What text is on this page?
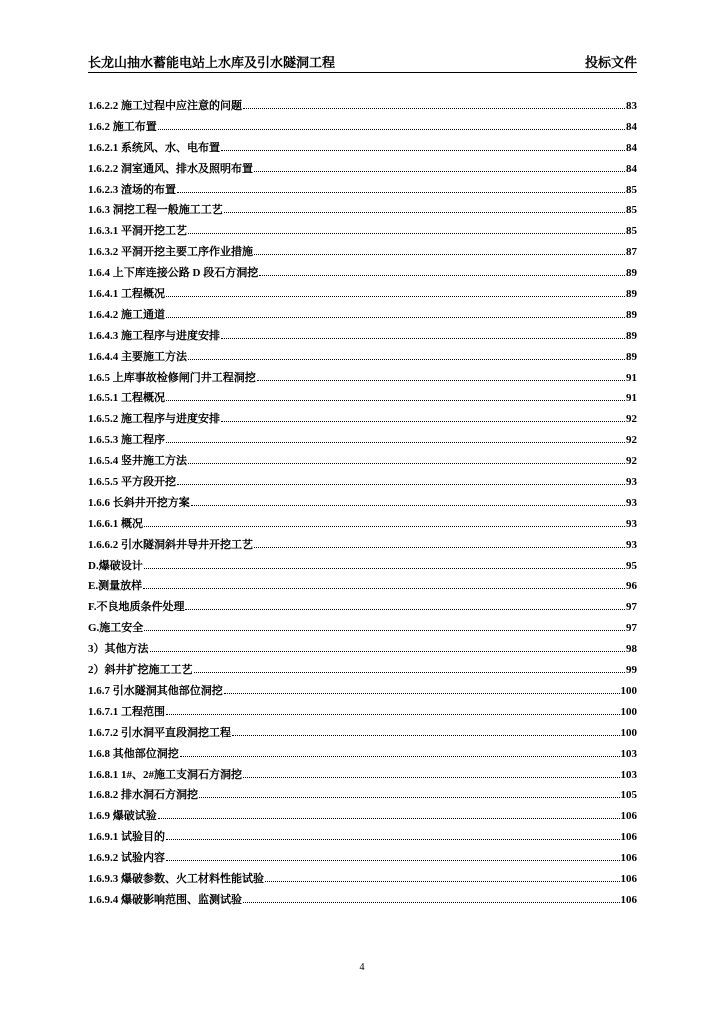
长龙山抽水蓄能电站上水库及引水隧洞工程	投标文件
1.6.2.2 施工过程中应注意的问题	83
1.6.2 施工布置	84
1.6.2.1 系统风、水、电布置	84
1.6.2.2 洞室通风、排水及照明布置	84
1.6.2.3 渣场的布置	85
1.6.3 洞挖工程一般施工工艺	85
1.6.3.1 平洞开挖工艺	85
1.6.3.2 平洞开挖主要工序作业措施	87
1.6.4 上下库连接公路 D 段石方洞挖	89
1.6.4.1 工程概况	89
1.6.4.2 施工通道	89
1.6.4.3 施工程序与进度安排	89
1.6.4.4 主要施工方法	89
1.6.5 上库事故检修闸门井工程洞挖	91
1.6.5.1 工程概况	91
1.6.5.2 施工程序与进度安排	92
1.6.5.3 施工程序	92
1.6.5.4 竖井施工方法	92
1.6.5.5 平方段开挖	93
1.6.6 长斜井开挖方案	93
1.6.6.1 概况	93
1.6.6.2 引水隧洞斜井导井开挖工艺	93
D.爆破设计	95
E.测量放样	96
F.不良地质条件处理	97
G.施工安全	97
3）其他方法	98
2）斜井扩挖施工工艺	99
1.6.7 引水隧洞其他部位洞挖	100
1.6.7.1 工程范围	100
1.6.7.2 引水洞平直段洞挖工程	100
1.6.8 其他部位洞挖	103
1.6.8.1 1#、2#施工支洞石方洞挖	103
1.6.8.2 排水洞石方洞挖	105
1.6.9 爆破试验	106
1.6.9.1 试验目的	106
1.6.9.2 试验内容	106
1.6.9.3 爆破参数、火工材料性能试验	106
1.6.9.4 爆破影响范围、监测试验	106
4
